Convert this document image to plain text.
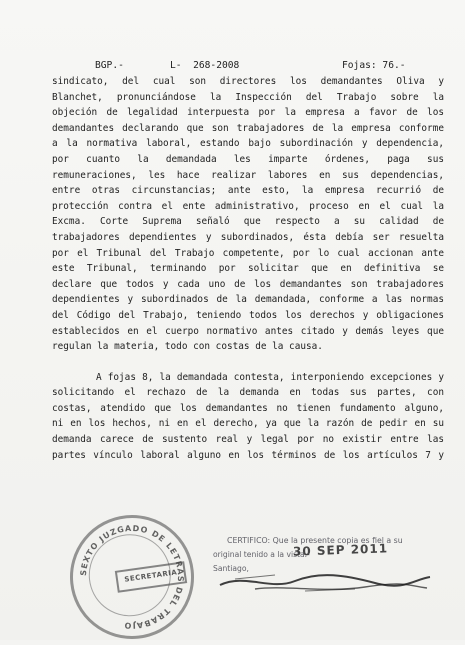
BGP.-	L-  268-2008	Fojas: 76.-
sindicato, del cual son directores los demandantes Oliva y
Blanchet, pronunciándose la Inspección del Trabajo sobre la
objeción de legalidad interpuesta por la empresa a favor de los
demandantes declarando que son trabajadores de la empresa conforme
a la normativa laboral, estando bajo subordinación y dependencia,
por cuanto la demandada les imparte órdenes, paga sus
remuneraciones, les hace realizar labores en sus dependencias,
entre otras circunstancias; ante esto, la empresa recurrió de
protección contra el ente administrativo, proceso en el cual la
Excma. Corte Suprema señaló que respecto a su calidad de
trabajadores dependientes y subordinados, ésta debía ser resuelta
por el Tribunal del Trabajo competente, por lo cual accionan ante
este Tribunal, terminando por solicitar que en definitiva se
declare que todos y cada uno de los demandantes son trabajadores
dependientes y subordinados de la demandada, conforme a las normas
del Código del Trabajo, teniendo todos los derechos y obligaciones
establecidos en el cuerpo normativo antes citado y demás leyes que
regulan la materia, todo con costas de la causa.
A fojas 8, la demandada contesta, interponiendo excepciones y
solicitando el rechazo de la demanda en todas sus partes, con
costas, atendido que los demandantes no tienen fundamento alguno,
ni en los hechos, ni en el derecho, ya que la razón de pedir en su
demanda carece de sustento real y legal por no existir entre las
partes vínculo laboral alguno en los términos de los artículos 7 y
SEXTO JUZGADO DE LETRAS DEL TRABAJO
SECRETARIA
CERTIFICO: Que la presente copia es fiel a su
original tenido a la vista.-
30 SEP 2011
Santiago,
